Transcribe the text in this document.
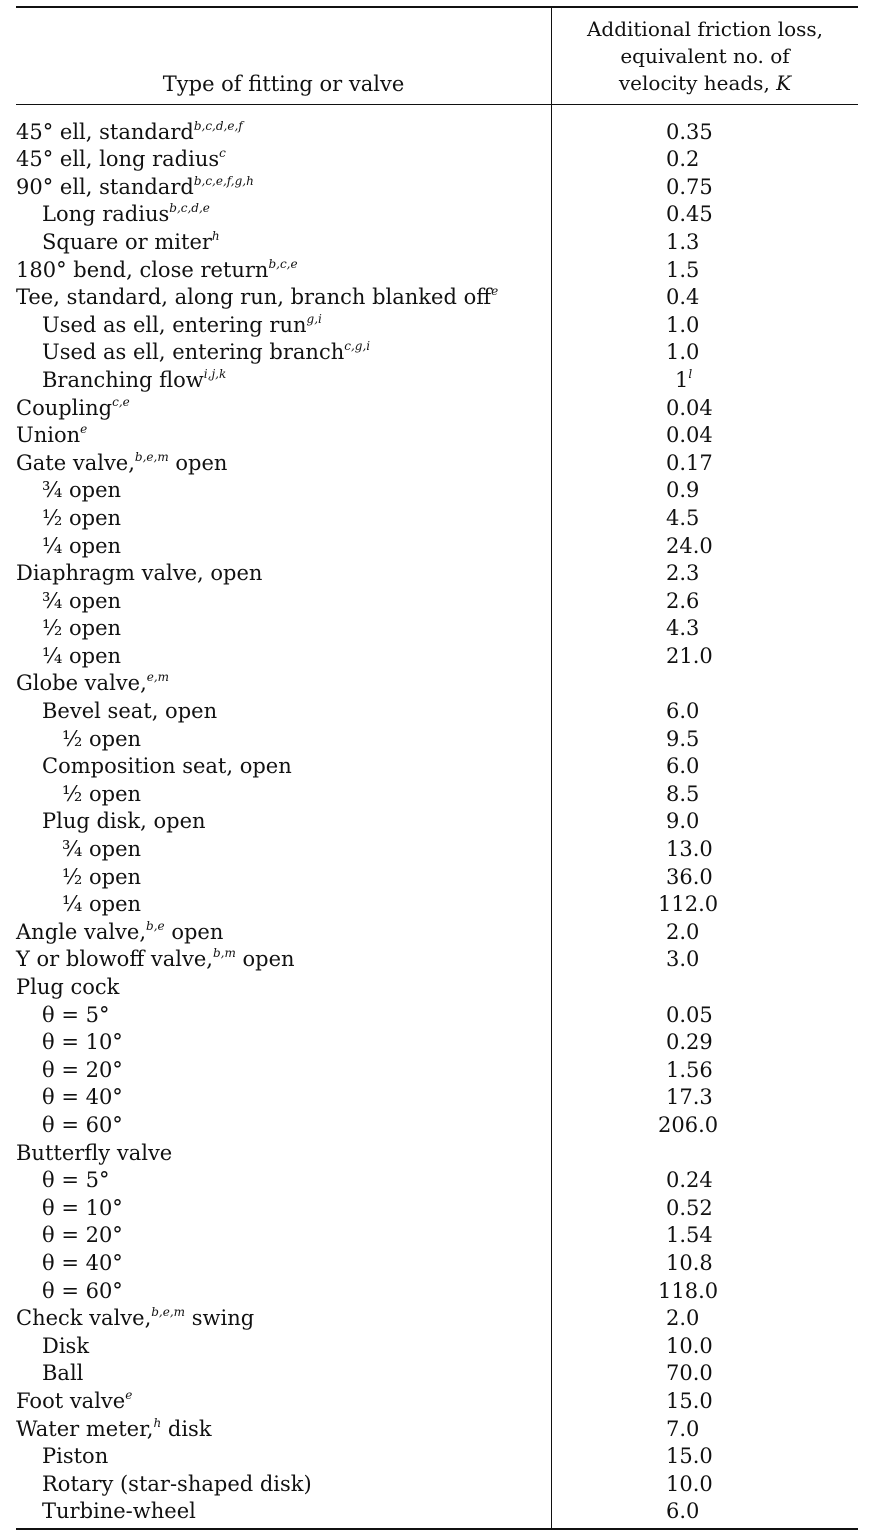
Type of fitting or valve
Additional friction loss,
equivalent no. of
velocity heads, K
45° ell, standard$^{b,c,d,e,f}$	0.35
45° ell, long radius$^c$	0.2
90° ell, standard$^{b,c,e,f,g,h}$	0.75
Long radius$^{b,c,d,e}$	0.45
Square or miter$^h$	1.3
180° bend, close return$^{b,c,e}$	1.5
Tee, standard, along run, branch blanked off$^e$	0.4
Used as ell, entering run$^{g,i}$	1.0
Used as ell, entering branch$^{c,g,i}$	1.0
Branching flow$^{i,j,k}$	1$^l$
Coupling$^{c,e}$	0.04
Union$^e$	0.04
Gate valve,$^{b,e,m}$ open	0.17
¾ open	0.9
½ open	4.5
¼ open	24.0
Diaphragm valve, open	2.3
¾ open	2.6
½ open	4.3
¼ open	21.0
Globe valve,$^{e,m}$
Bevel seat, open	6.0
½ open	9.5
Composition seat, open	6.0
½ open	8.5
Plug disk, open	9.0
¾ open	13.0
½ open	36.0
¼ open	112.0
Angle valve,$^{b,e}$ open	2.0
Y or blowoff valve,$^{b,m}$ open	3.0
Plug cock
θ = 5°	0.05
θ = 10°	0.29
θ = 20°	1.56
θ = 40°	17.3
θ = 60°	206.0
Butterfly valve
θ = 5°	0.24
θ = 10°	0.52
θ = 20°	1.54
θ = 40°	10.8
θ = 60°	118.0
Check valve,$^{b,e,m}$ swing	2.0
Disk	10.0
Ball	70.0
Foot valve$^e$	15.0
Water meter,$^h$ disk	7.0
Piston	15.0
Rotary (star-shaped disk)	10.0
Turbine-wheel	6.0
